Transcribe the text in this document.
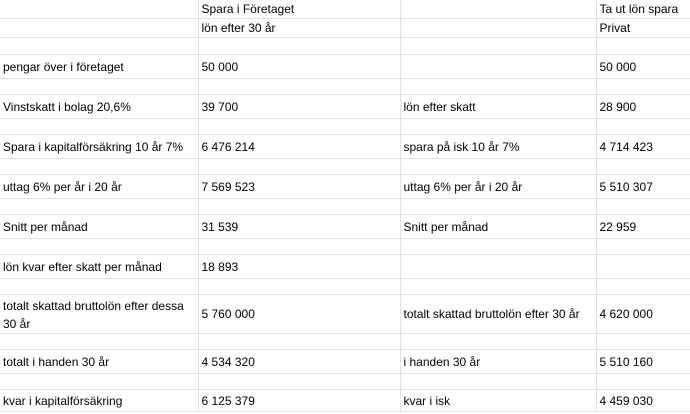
	Spara i Företaget		Ta ut lön spara
	lön efter 30 år		Privat

pengar över i företaget	50 000		50 000

Vinstskatt i bolag 20,6%	39 700	lön efter skatt	28 900

Spara i kapitalförsäkring 10 år 7%	6 476 214	spara på isk 10 år 7%	4 714 423

uttag 6% per år i 20 år	7 569 523	uttag 6% per år i 20 år	5 510 307

Snitt per månad	31 539	Snitt per månad	22 959

lön kvar efter skatt per månad	18 893		

totalt skattad bruttolön efter dessa 30 år	5 760 000	totalt skattad bruttolön efter 30 år	4 620 000

totalt i handen 30 år	4 534 320	i handen 30 år	5 510 160

kvar i kapitalförsäkring	6 125 379	kvar i isk	4 459 030
